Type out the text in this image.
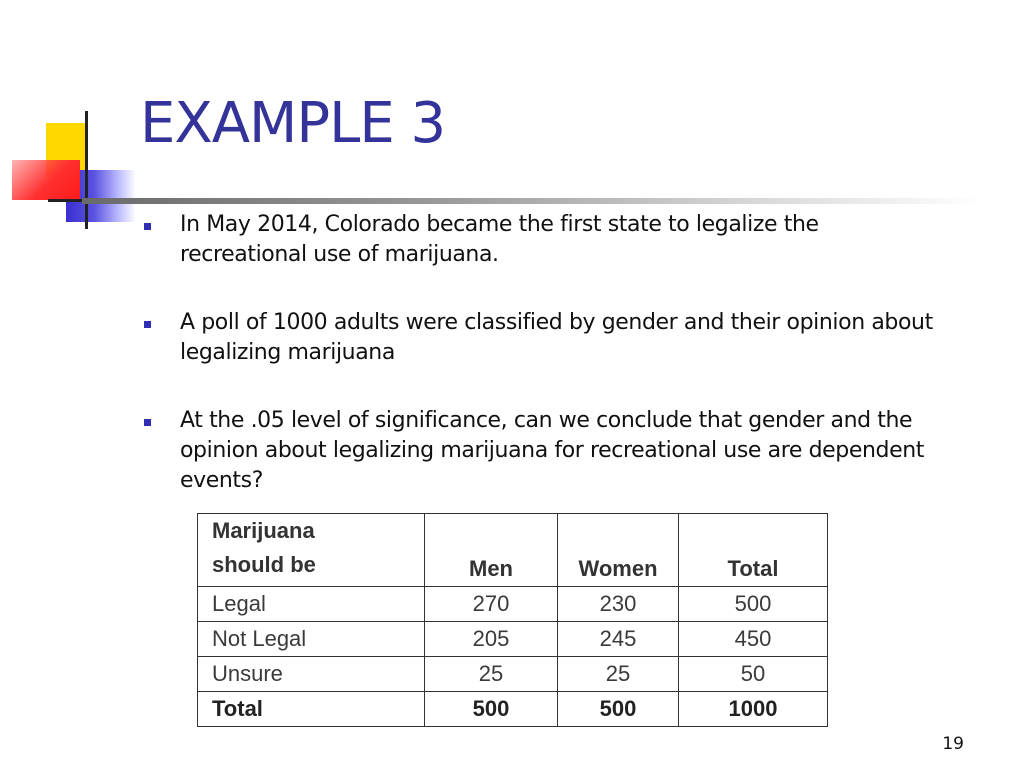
EXAMPLE 3
In May 2014, Colorado became the first state to legalize the recreational use of marijuana.
A poll of 1000 adults were classified by gender and their opinion about legalizing marijuana
At the .05 level of significance, can we conclude that gender and the opinion about legalizing marijuana for recreational use are dependent events?
Marijuana
should be	Men	Women	Total
Legal	270	230	500
Not Legal	205	245	450
Unsure	25	25	50
Total	500	500	1000
19
